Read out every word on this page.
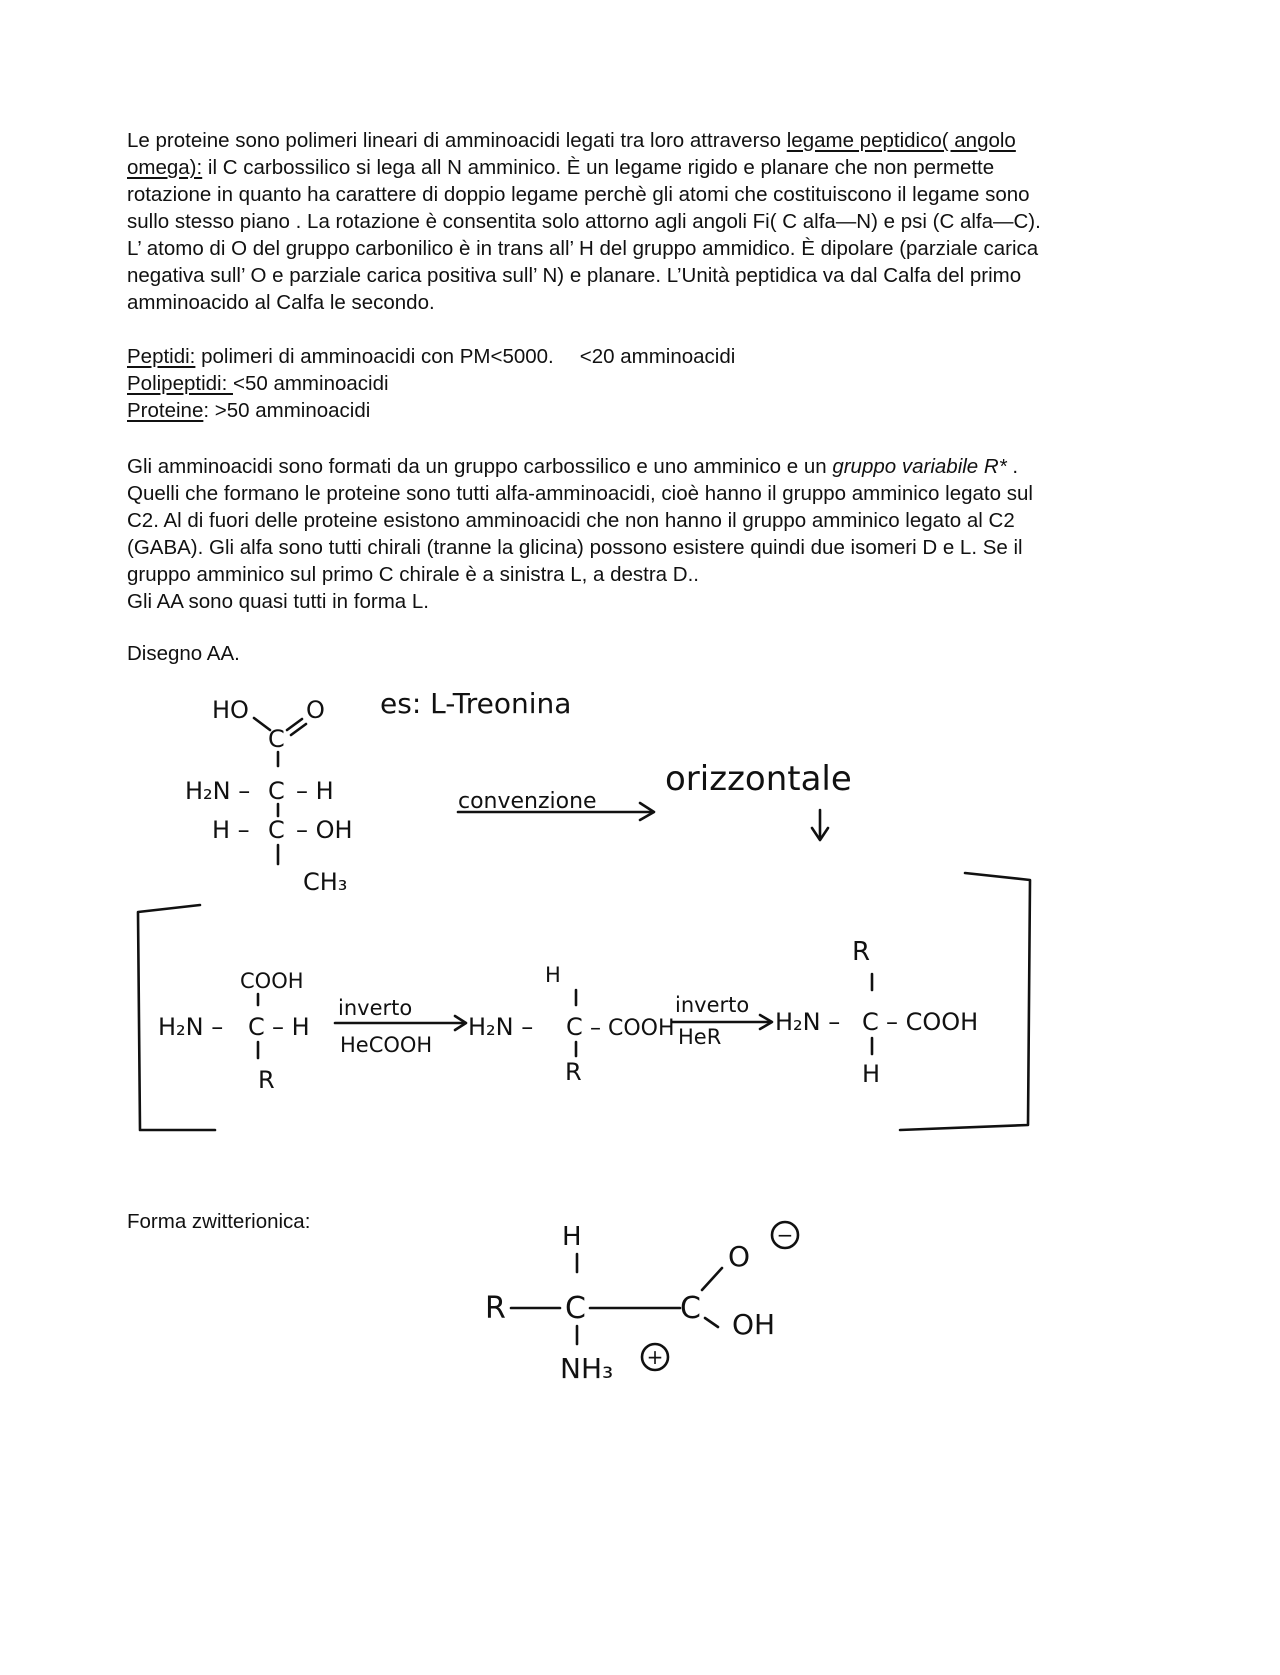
Le proteine sono polimeri lineari di amminoacidi legati tra loro attraverso legame peptidico( angolo
omega): il C carbossilico si lega all N amminico. È un legame rigido e planare che non permette
rotazione in quanto ha carattere di doppio legame perchè gli atomi che costituiscono il legame sono
sullo stesso piano . La rotazione è consentita solo attorno agli angoli Fi( C alfa—N) e psi (C alfa—C).
L’ atomo di O del gruppo carbonilico è in trans all’ H del gruppo ammidico. È dipolare (parziale carica
negativa sull’ O e parziale carica positiva sull’ N) e planare. L’Unità peptidica va dal Calfa del primo
amminoacido al Calfa le secondo.
Peptidi: polimeri di amminoacidi con PM<5000. <20 amminoacidi
Polipeptidi: <50 amminoacidi
Proteine: >50 amminoacidi
Gli amminoacidi sono formati da un gruppo carbossilico e uno amminico e un gruppo variabile R* .
Quelli che formano le proteine sono tutti alfa-amminoacidi, cioè hanno il gruppo amminico legato sul
C2. Al di fuori delle proteine esistono amminoacidi che non hanno il gruppo amminico legato al C2
(GABA). Gli alfa sono tutti chirali (tranne la glicina) possono esistere quindi due isomeri D e L. Se il
gruppo amminico sul primo C chirale è a sinistra L, a destra D..
Gli AA sono quasi tutti in forma L.
Disegno AA.
Forma zwitterionica:
HO
C
O
H₂N – C – H
H – C – OH
CH₃
es: L-Treonina
convenzione
orizzontale
COOH
H₂N – C – H
R
inverto
HeCOOH
H
H₂N – C – COOH
R
inverto
HeR
R
H₂N – C – COOH
H
H
R C	C
O
−
OH
NH₃ +
